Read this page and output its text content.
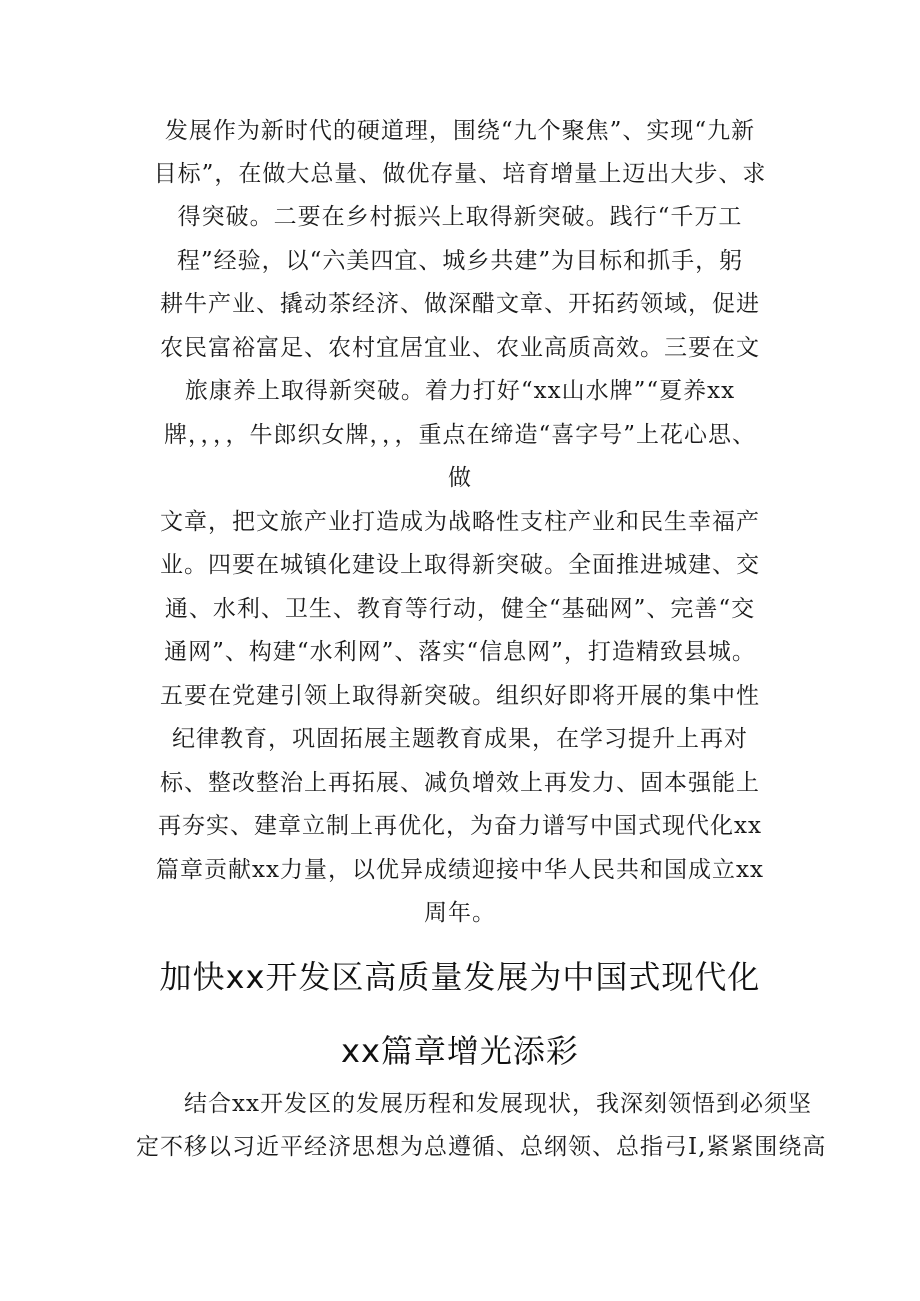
发展作为新时代的硬道理，围绕“九个聚焦”、实现“九新
目标”，在做大总量、做优存量、培育增量上迈出大步、求
得突破。二要在乡村振兴上取得新突破。践行“千万工
程”经验，以“六美四宜、城乡共建”为目标和抓手，躬
耕牛产业、撬动茶经济、做深醋文章、开拓药领域，促进
农民富裕富足、农村宜居宜业、农业高质高效。三要在文
旅康养上取得新突破。着力打好“xx山水牌”“夏养xx
牌，，，，牛郎织女牌，，，重点在缔造“喜字号”上花心思、
做
文章，把文旅产业打造成为战略性支柱产业和民生幸福产
业。四要在城镇化建设上取得新突破。全面推进城建、交
通、水利、卫生、教育等行动，健全“基础网”、完善“交
通网”、构建“水利网”、落实“信息网”，打造精致县城。
五要在党建引领上取得新突破。组织好即将开展的集中性
纪律教育，巩固拓展主题教育成果，在学习提升上再对
标、整改整治上再拓展、减负增效上再发力、固本强能上
再夯实、建章立制上再优化，为奋力谱写中国式现代化xx
篇章贡献xx力量，以优异成绩迎接中华人民共和国成立xx
周年。
加快xx开发区高质量发展为中国式现代化
xx篇章增光添彩
　　结合xx开发区的发展历程和发展现状，我深刻领悟到必须坚
定不移以习近平经济思想为总遵循、总纲领、总指弓I,紧紧围绕高
